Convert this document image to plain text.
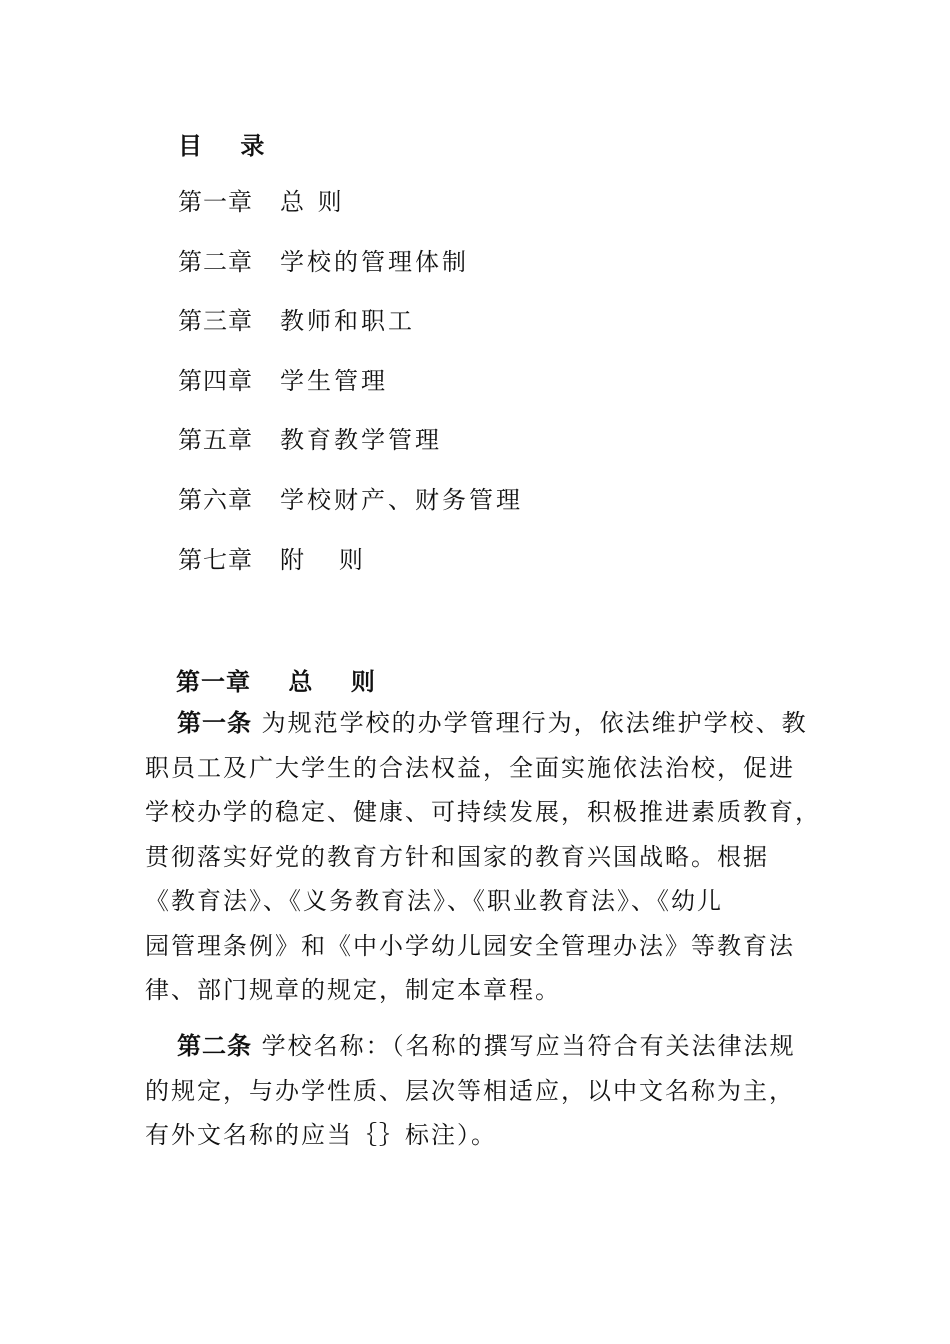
目    录
第一章 总 则
第二章 学校的管理体制
第三章 教师和职工
第四章 学生管理
第五章 教育教学管理
第六章 学校财产、财务管理
第七章 附   则
第一章    总    则
第一条 为规范学校的办学管理行为，依法维护学校、教
职员工及广大学生的合法权益，全面实施依法治校，促进
学校办学的稳定、健康、可持续发展，积极推进素质教育，
贯彻落实好党的教育方针和国家的教育兴国战略。根据
《教育法》、《义务教育法》、《职业教育法》、《幼儿
园管理条例》和《中小学幼儿园安全管理办法》等教育法
律、部门规章的规定，制定本章程。
第二条 学校名称：（名称的撰写应当符合有关法律法规
的规定，与办学性质、层次等相适应，以中文名称为主，
有外文名称的应当｛｝标注）。
